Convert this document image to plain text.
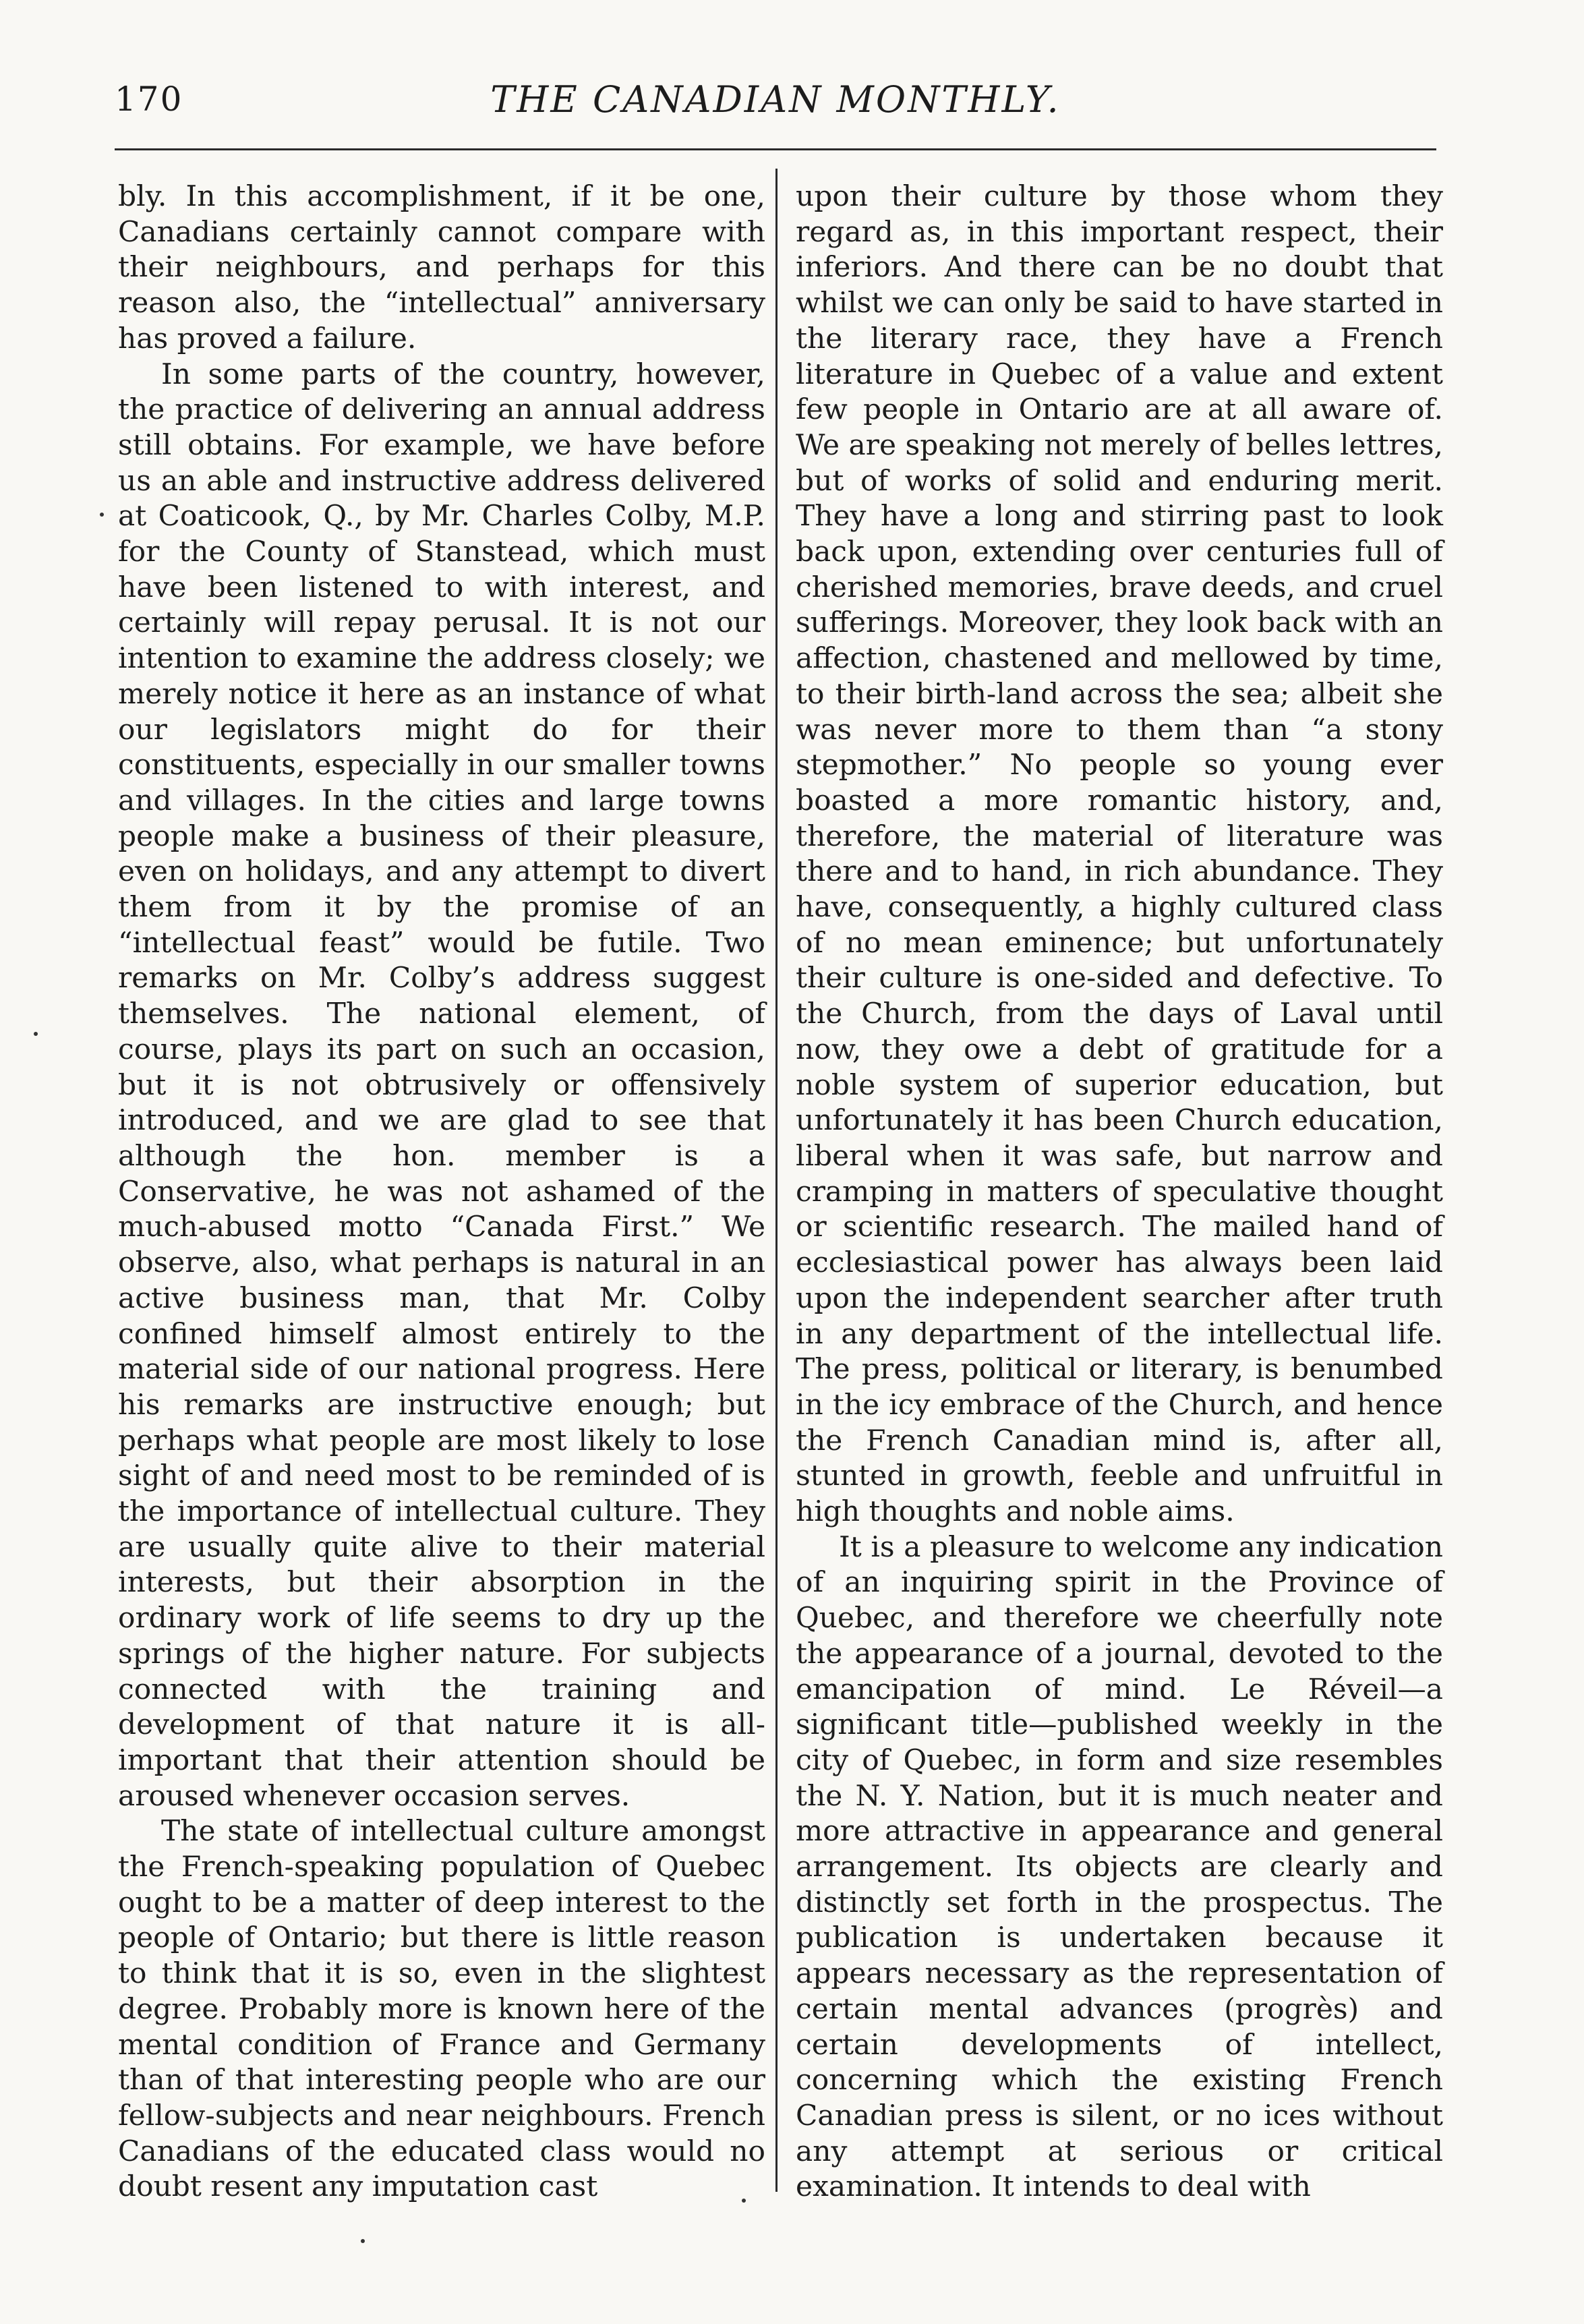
170	THE CANADIAN MONTHLY.

bly. In this accomplishment, if it be one, Canadians certainly cannot compare with their neighbours, and perhaps for this reason also, the “intellectual” anniversary has proved a failure.

In some parts of the country, however, the practice of delivering an annual address still obtains. For example, we have before us an able and instructive address delivered at Coaticook, Q., by Mr. Charles Colby, M.P. for the County of Stanstead, which must have been listened to with interest, and certainly will repay perusal. It is not our intention to examine the address closely; we merely notice it here as an instance of what our legislators might do for their constituents, especially in our smaller towns and villages. In the cities and large towns people make a business of their pleasure, even on holidays, and any attempt to divert them from it by the promise of an “intellectual feast” would be futile. Two remarks on Mr. Colby’s address suggest themselves. The national element, of course, plays its part on such an occasion, but it is not obtrusively or offensively introduced, and we are glad to see that although the hon. member is a Conservative, he was not ashamed of the much-abused motto “Canada First.” We observe, also, what perhaps is natural in an active business man, that Mr. Colby confined himself almost entirely to the material side of our national progress. Here his remarks are instructive enough; but perhaps what people are most likely to lose sight of and need most to be reminded of is the importance of intellectual culture. They are usually quite alive to their material interests, but their absorption in the ordinary work of life seems to dry up the springs of the higher nature. For subjects connected with the training and development of that nature it is all-important that their attention should be aroused whenever occasion serves.

The state of intellectual culture amongst the French-speaking population of Quebec ought to be a matter of deep interest to the people of Ontario; but there is little reason to think that it is so, even in the slightest degree. Probably more is known here of the mental condition of France and Germany than of that interesting people who are our fellow-subjects and near neighbours. French Canadians of the educated class would no doubt resent any imputation cast

upon their culture by those whom they regard as, in this important respect, their inferiors. And there can be no doubt that whilst we can only be said to have started in the literary race, they have a French literature in Quebec of a value and extent few people in Ontario are at all aware of. We are speaking not merely of belles lettres, but of works of solid and enduring merit. They have a long and stirring past to look back upon, extending over centuries full of cherished memories, brave deeds, and cruel sufferings. Moreover, they look back with an affection, chastened and mellowed by time, to their birth-land across the sea; albeit she was never more to them than “a stony stepmother.” No people so young ever boasted a more romantic history, and, therefore, the material of literature was there and to hand, in rich abundance. They have, consequently, a highly cultured class of no mean eminence; but unfortunately their culture is one-sided and defective. To the Church, from the days of Laval until now, they owe a debt of gratitude for a noble system of superior education, but unfortunately it has been Church education, liberal when it was safe, but narrow and cramping in matters of speculative thought or scientific research. The mailed hand of ecclesiastical power has always been laid upon the independent searcher after truth in any department of the intellectual life. The press, political or literary, is benumbed in the icy embrace of the Church, and hence the French Canadian mind is, after all, stunted in growth, feeble and unfruitful in high thoughts and noble aims.

It is a pleasure to welcome any indication of an inquiring spirit in the Province of Quebec, and therefore we cheerfully note the appearance of a journal, devoted to the emancipation of mind. Le Réveil—a significant title—published weekly in the city of Quebec, in form and size resembles the N. Y. Nation, but it is much neater and more attractive in appearance and general arrangement. Its objects are clearly and distinctly set forth in the prospectus. The publication is undertaken because it appears necessary as the representation of certain mental advances (progrès) and certain developments of intellect, concerning which the existing French Canadian press is silent, or no ices without any attempt at serious or critical examination. It intends to deal with
